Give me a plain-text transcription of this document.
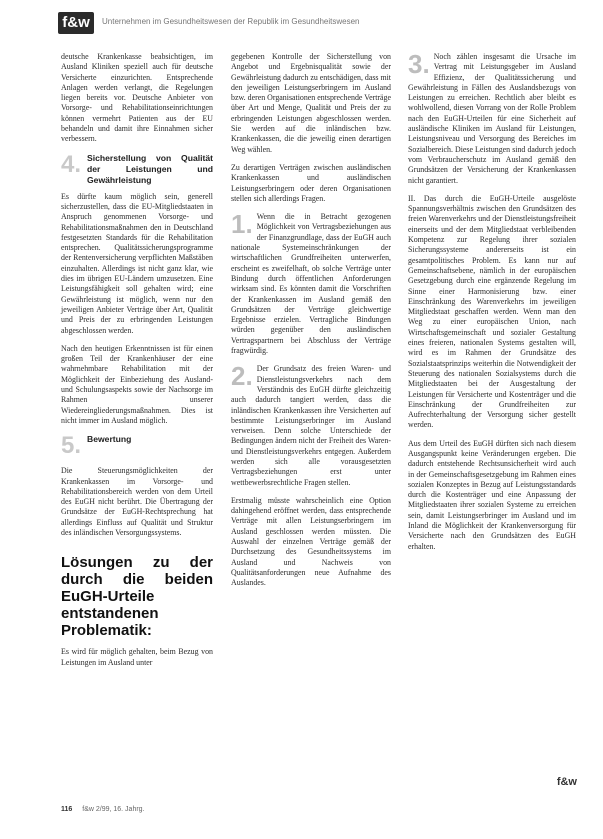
f&w	Unternehmen im Gesundheitswesen der Republik im Gesundheitswesen

deutsche Krankenkasse beabsichtigen, im Ausland Kliniken speziell auch für deutsche Versicherte einzurichten. Entsprechende Anlagen werden verlangt, die Regelungen liegen bereits vor. Deutsche Anbieter von Vorsorge- und Rehabilitationseinrichtungen können vermehrt Patienten aus der EU behandeln und damit ihre Einnahmen sicher verbessern.

4. Sicherstellung von Qualität der Leistungen und Gewährleistung

Es dürfte kaum möglich sein, generell sicherzustellen, dass die EU-Mitgliedstaaten in Anspruch genommenen Vorsorge- und Rehabilitationsmaßnahmen den in Deutschland festgesetzten Standards für die Rehabilitation entsprechen. Qualitätssicherungsprogramme der Rentenversicherung verpflichten Maßstäben einzuhalten. Allerdings ist nicht ganz klar, wie dies im übrigen EU-Ländern umzusetzen. Eine Leistungsfähigkeit soll gehalten wird; eine Gewährleistung ist möglich, wenn nur den jeweiligen Anbieter Verträge über Art, Qualität und Preis der zu erbringenden Leistungen abgeschlossen werden.

Nach den heutigen Erkenntnissen ist für einen großen Teil der Krankenhäuser der eine wahrnehmbare Rehabilitation mit der Möglichkeit der Einbeziehung des Ausland- und Schulungsaspekts sowie der Nachsorge im Rahmen unserer Wiedereingliederungsmaßnahmen. Dies ist nicht immer im Ausland möglich.

5. Bewertung

Die Steuerungsmöglichkeiten der Krankenkassen im Vorsorge- und Rehabilitationsbereich werden von dem Urteil des EuGH nicht berührt. Die Übertragung der Grundsätze der EuGH-Rechtsprechung hat allerdings Einfluss auf Qualität und Struktur des inländischen Versorgungssystems.

Lösungen zu der durch die beiden EuGH-Urteile entstandenen Problematik:

Es wird für möglich gehalten, beim Bezug von Leistungen im Ausland unter

gegebenen Kontrolle der Sicherstellung von Angebot und Ergebnisqualität sowie der Gewährleistung dadurch zu entschädigen, dass mit den jeweiligen Leistungserbringern im Ausland bzw. deren Organisationen entsprechende Verträge über Art und Menge, Qualität und Preis der zu erbringenden Leistungen abgeschlossen werden. Sie werden auf die inländischen bzw. Krankenkassen, die die jeweilig einen derartigen Weg wählen.

Zu derartigen Verträgen zwischen ausländischen Krankenkassen und ausländischen Leistungserbringern oder deren Organisationen stellen sich allerdings Fragen.

1. Wenn die in Betracht gezogenen Möglichkeit von Vertragsbeziehungen aus der Finanzgrundlage, dass der EuGH auch nationale Systemeinschränkungen der wirtschaftlichen Grundfreiheiten unterwerfen, erscheint es zweifelhaft, ob solche Verträge unter Bindung durch öffentlichen Anforderungen wirksam sind. Es könnten damit die Vorschriften der Krankenkassen im Ausland gemäß den Grundsätzen der Verträge gleichwertige Ergebnisse erzielen. Vertragliche Bindungen würden gegenüber den ausländischen Vertragspartnern bei Abschluss der Verträge fragwürdig.

2. Der Grundsatz des freien Waren- und Dienstleistungsverkehrs nach dem Verständnis des EuGH dürfte gleichzeitig auch dadurch tangiert werden, dass die inländischen Krankenkassen ihre Versicherten auf bestimmte Leistungserbringer im Ausland verweisen. Denn solche Unterschiede der Bedingungen ändern nicht der Freiheit des Waren- und Dienstleistungsverkehrs entgegen. Außerdem werden sich alle vorausgesetzten Vertragsbeziehungen erst unter wettbewerbsrechtliche Fragen stellen.

Erstmalig müsste wahrscheinlich eine Option dahingehend eröffnet werden, dass entsprechende Verträge mit allen Leistungserbringern im Ausland geschlossen werden müssten. Die Auswahl der einzelnen Verträge gemäß der Durchsetzung des Gesundheitssystems im Ausland und Nachweis von Qualitätsanforderungen neue Aufnahme des Auslandes.

3. Noch zählen insgesamt die Ursache im Vertrag mit Leistungsgeber im Ausland Effizienz, der Qualitätssicherung und Gewährleistung in Fällen des Auslandsbezugs von Leistungen zu erreichen. Rechtlich aber bleibt es wohlwollend, diesen Vorrang von der Rolle Problem nach den EuGH-Urteilen für eine Sicherheit auf ausländische Kliniken im Ausland für Leistungen, Leistungsniveau und Versorgung des Bereiches im Sozialbereich. Diese Leistungen sind dadurch jedoch vom Verbraucherschutz im Ausland gemäß den Grundsätzen der Versicherung der Krankenkassen nicht garantiert.

II. Das durch die EuGH-Urteile ausgelöste Spannungsverhältnis zwischen den Grundsätzen des freien Warenverkehrs und der Dienstleistungsfreiheit einerseits und der dem Mitgliedstaat verbleibenden Kompetenz zur Regelung ihrer sozialen Sicherungssysteme andererseits ist ein gesamtpolitisches Problem. Es kann nur auf Gemeinschaftsebene, nämlich in der europäischen Gesetzgebung durch eine ergänzende Regelung im Sinne einer Harmonisierung bzw. einer Einschränkung des Warenverkehrs im jeweiligen Mitgliedstaat geschaffen werden. Wenn man den Weg zu einer europäischen Union, nach Wirtschaftsgemeinschaft und sozialer Gestaltung eines freieren, nationalen Systems gestalten will, wird es im Rahmen der Grundsätze des Sozialstaatsprinzips weiterhin die Notwendigkeit der Steuerung des nationalen Sozialsystems durch die Mitgliedstaaten bei der Ausgestaltung der Leistungen für Versicherte und Kostenträger und die Einschränkung der Grundfreiheiten zur Aufrechterhaltung der Versorgung sicher gestellt werden.

Aus dem Urteil des EuGH dürften sich nach diesem Ausgangspunkt keine Veränderungen ergeben. Die dadurch entstehende Rechtsunsicherheit wird auch in der Gemeinschaftsgesetzgebung im Rahmen eines sozialen Konzeptes in Bezug auf Leistungsstandards durch die Kostenträger und eine Anpassung der Mitgliedstaaten ihrer sozialen Systeme zu erreichen sein, damit Leistungserbringer im Ausland und im Inland die Möglichkeit der Krankenversorgung für Versicherte nach den Grundsätzen des EuGH erhalten.

f&w
116 f&w 2/99, 16. Jahrg.
